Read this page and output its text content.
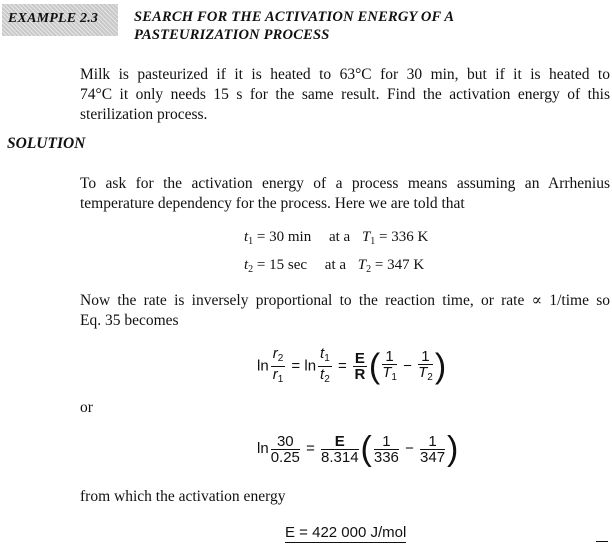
EXAMPLE 2.3	SEARCH FOR THE ACTIVATION ENERGY OF A
PASTEURIZATION PROCESS
Milk is pasteurized if it is heated to 63°C for 30 min, but if it is heated to
74°C it only needs 15 s for the same result. Find the activation energy of this
sterilization process.
SOLUTION
To ask for the activation energy of a process means assuming an Arrhenius
temperature dependency for the process. Here we are told that
$t_1 = 30$ min at a $T_1 = 336$ K
$t_2 = 15$ sec at a $T_2 = 347$ K
Now the rate is inversely proportional to the reaction time, or rate ∝ 1/time so
Eq. 35 becomes
$\ln \frac{r_2}{r_1} = \ln \frac{t_1}{t_2} = \frac{E}{R}$ ( $\frac{1}{T_1} - \frac{1}{T_2}$ )
or
$\ln \frac{30}{0.25} = \frac{E}{8.314}$ ( $\frac{1}{336} - \frac{1}{347}$ )
from which the activation energy
E = 422 000 J/mol
